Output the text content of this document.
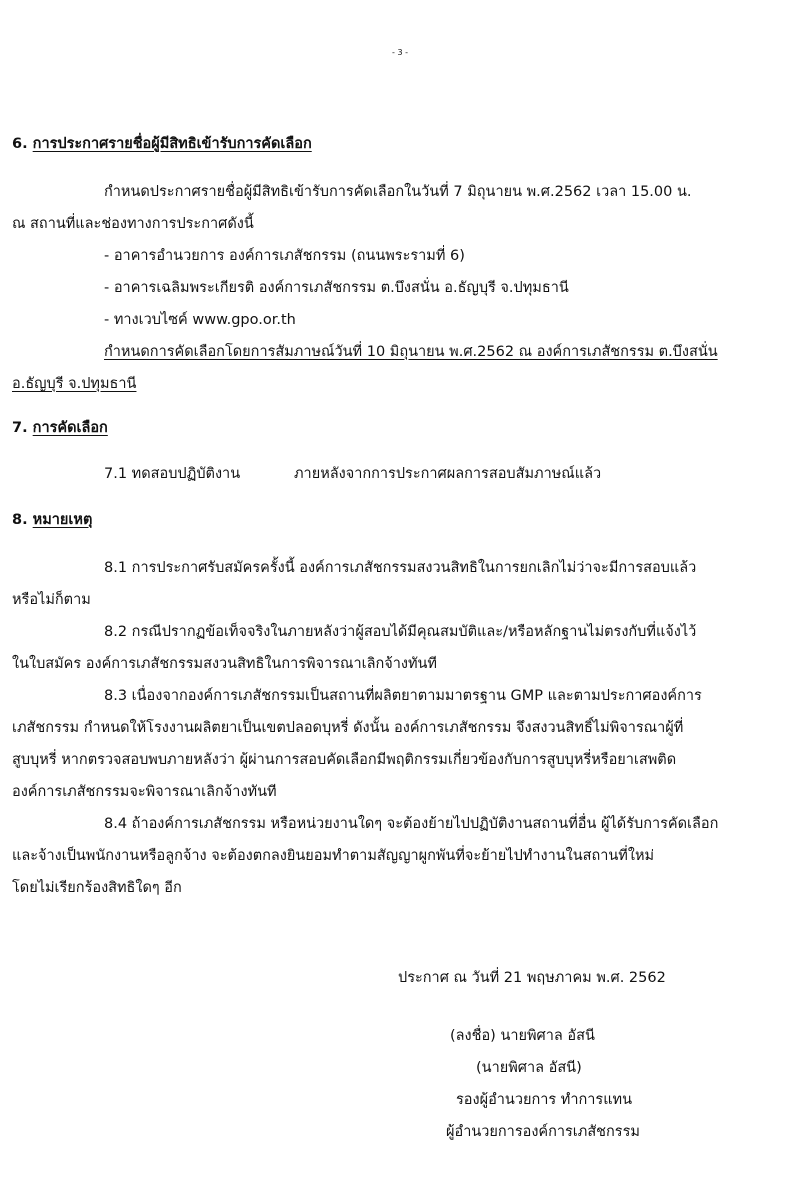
- 3 -
6. การประกาศรายชื่อผู้มีสิทธิเข้ารับการคัดเลือก
กำหนดประกาศรายชื่อผู้มีสิทธิเข้ารับการคัดเลือกในวันที่ 7 มิถุนายน พ.ศ.2562 เวลา 15.00 น.
ณ สถานที่และช่องทางการประกาศดังนี้
- อาคารอำนวยการ องค์การเภสัชกรรม (ถนนพระรามที่ 6)
- อาคารเฉลิมพระเกียรติ องค์การเภสัชกรรม ต.บึงสนั่น อ.ธัญบุรี จ.ปทุมธานี
- ทางเวบไซค์ www.gpo.or.th
กำหนดการคัดเลือกโดยการสัมภาษณ์วันที่ 10 มิถุนายน พ.ศ.2562 ณ องค์การเภสัชกรรม ต.บึงสนั่น
อ.ธัญบุรี จ.ปทุมธานี
7. การคัดเลือก
7.1 ทดสอบปฏิบัติงาน	ภายหลังจากการประกาศผลการสอบสัมภาษณ์แล้ว
8. หมายเหตุ
8.1 การประกาศรับสมัครครั้งนี้ องค์การเภสัชกรรมสงวนสิทธิในการยกเลิกไม่ว่าจะมีการสอบแล้ว
หรือไม่ก็ตาม
8.2 กรณีปรากฏข้อเท็จจริงในภายหลังว่าผู้สอบได้มีคุณสมบัติและ/หรือหลักฐานไม่ตรงกับที่แจ้งไว้
ในใบสมัคร องค์การเภสัชกรรมสงวนสิทธิในการพิจารณาเลิกจ้างทันที
8.3 เนื่องจากองค์การเภสัชกรรมเป็นสถานที่ผลิตยาตามมาตรฐาน GMP และตามประกาศองค์การ
เภสัชกรรม กำหนดให้โรงงานผลิตยาเป็นเขตปลอดบุหรี่ ดังนั้น องค์การเภสัชกรรม จึงสงวนสิทธิ์ไม่พิจารณาผู้ที่
สูบบุหรี่ หากตรวจสอบพบภายหลังว่า ผู้ผ่านการสอบคัดเลือกมีพฤติกรรมเกี่ยวข้องกับการสูบบุหรี่หรือยาเสพติด
องค์การเภสัชกรรมจะพิจารณาเลิกจ้างทันที
8.4 ถ้าองค์การเภสัชกรรม หรือหน่วยงานใดๆ จะต้องย้ายไปปฏิบัติงานสถานที่อื่น ผู้ได้รับการคัดเลือก
และจ้างเป็นพนักงานหรือลูกจ้าง จะต้องตกลงยินยอมทำตามสัญญาผูกพันที่จะย้ายไปทำงานในสถานที่ใหม่
โดยไม่เรียกร้องสิทธิใดๆ อีก
ประกาศ ณ วันที่ 21 พฤษภาคม พ.ศ. 2562
(ลงชื่อ) นายพิศาล อัสนี
(นายพิศาล อัสนี)
รองผู้อำนวยการ ทำการแทน
ผู้อำนวยการองค์การเภสัชกรรม
